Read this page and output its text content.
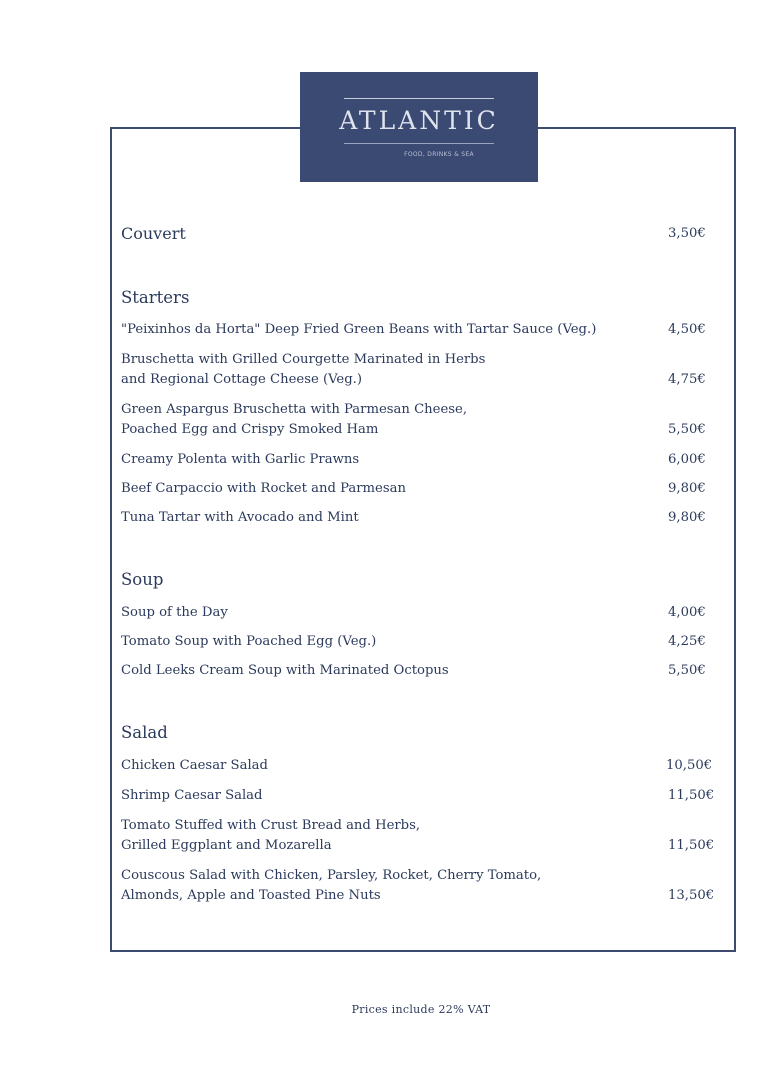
ATLANTIC
FOOD, DRINKS & SEA
Couvert	3,50€
Starters
"Peixinhos da Horta" Deep Fried Green Beans with Tartar Sauce (Veg.)	4,50€
Bruschetta with Grilled Courgette Marinated in Herbs
and Regional Cottage Cheese (Veg.)	4,75€
Green Aspargus Bruschetta with Parmesan Cheese,
Poached Egg and Crispy Smoked Ham	5,50€
Creamy Polenta with Garlic Prawns	6,00€
Beef Carpaccio with Rocket and Parmesan	9,80€
Tuna Tartar with Avocado and Mint	9,80€
Soup
Soup of the Day	4,00€
Tomato Soup with Poached Egg (Veg.)	4,25€
Cold Leeks Cream Soup with Marinated Octopus	5,50€
Salad
Chicken Caesar Salad	10,50€
Shrimp Caesar Salad	11,50€
Tomato Stuffed with Crust Bread and Herbs,
Grilled Eggplant and Mozarella	11,50€
Couscous Salad with Chicken, Parsley, Rocket, Cherry Tomato,
Almonds, Apple and Toasted Pine Nuts	13,50€
Prices include 22% VAT
